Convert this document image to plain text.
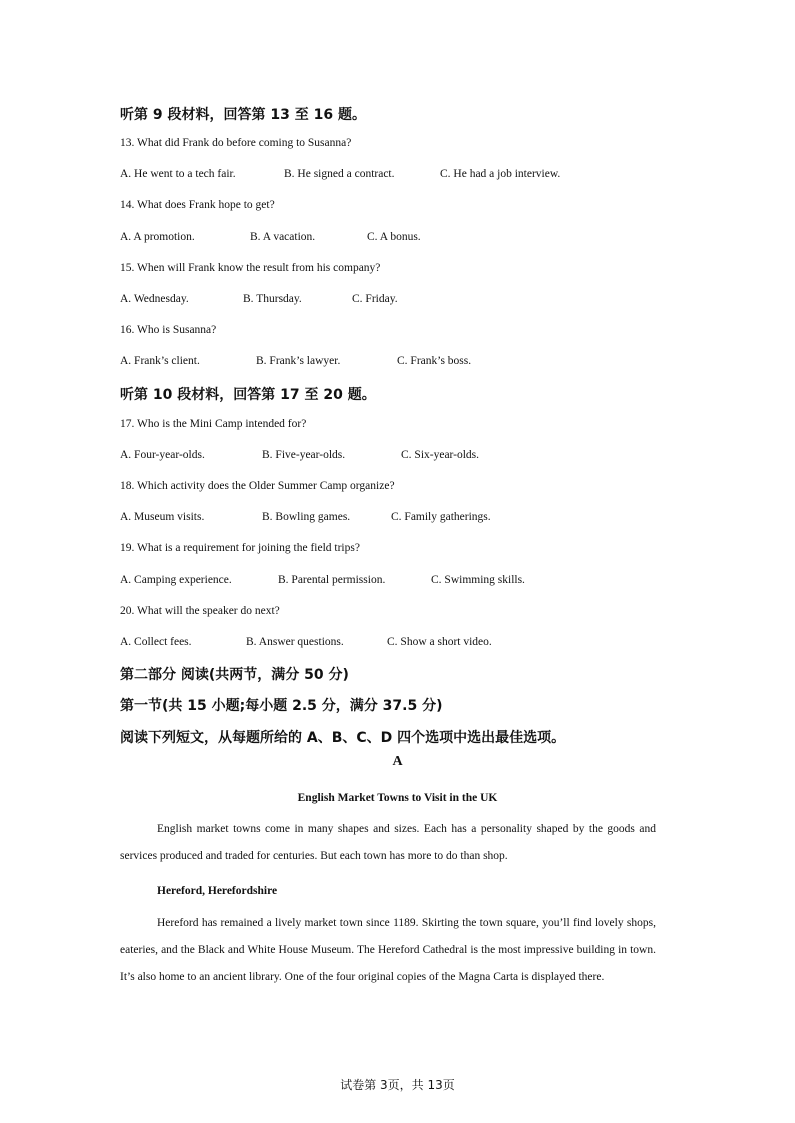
听第 9 段材料，回答第 13 至 16 题。
13. What did Frank do before coming to Susanna?
A. He went to a tech fair.	B. He signed a contract.	C. He had a job interview.
14. What does Frank hope to get?
A. A promotion.	B. A vacation.	C. A bonus.
15. When will Frank know the result from his company?
A. Wednesday.	B. Thursday.	C. Friday.
16. Who is Susanna?
A. Frank’s client.	B. Frank’s lawyer.	C. Frank’s boss.
听第 10 段材料，回答第 17 至 20 题。
17. Who is the Mini Camp intended for?
A. Four-year-olds.	B. Five-year-olds.	C. Six-year-olds.
18. Which activity does the Older Summer Camp organize?
A. Museum visits.	B. Bowling games.	C. Family gatherings.
19. What is a requirement for joining the field trips?
A. Camping experience.	B. Parental permission.	C. Swimming skills.
20. What will the speaker do next?
A. Collect fees.	B. Answer questions.	C. Show a short video.
第二部分 阅读(共两节，满分 50 分)
第一节(共 15 小题;每小题 2.5 分，满分 37.5 分)
阅读下列短文，从每题所给的 A、B、C、D 四个选项中选出最佳选项。
A
English Market Towns to Visit in the UK
English market towns come in many shapes and sizes. Each has a personality shaped by the goods and services produced and traded for centuries. But each town has more to do than shop.
Hereford, Herefordshire
Hereford has remained a lively market town since 1189. Skirting the town square, you’ll find lovely shops, eateries, and the Black and White House Museum. The Hereford Cathedral is the most impressive building in town. It’s also home to an ancient library. One of the four original copies of the Magna Carta is displayed there.
试卷第 3页，共 13页
